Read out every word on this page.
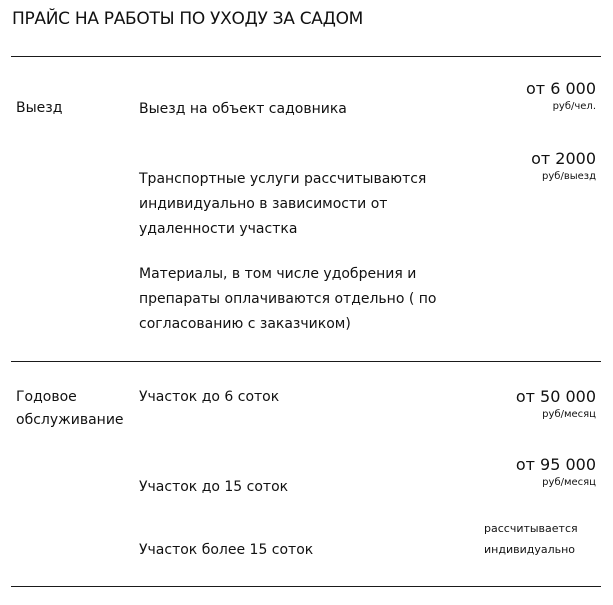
ПРАЙС НА РАБОТЫ ПО УХОДУ ЗА САДОМ
Выезд	Выезд на объект садовника
от 6 000
руб/чел.
Транспортные услуги рассчитываются индивидуально в зависимости от удаленности участка
от 2000
руб/выезд
Материалы, в том числе удобрения и препараты оплачиваются отдельно ( по согласованию с заказчиком)
Годовое обслуживание
Участок до 6 соток	от 50 000
руб/месяц
Участок до 15 соток
от 95 000
руб/месяц
Участок более 15 соток
рассчитывается индивидуально
